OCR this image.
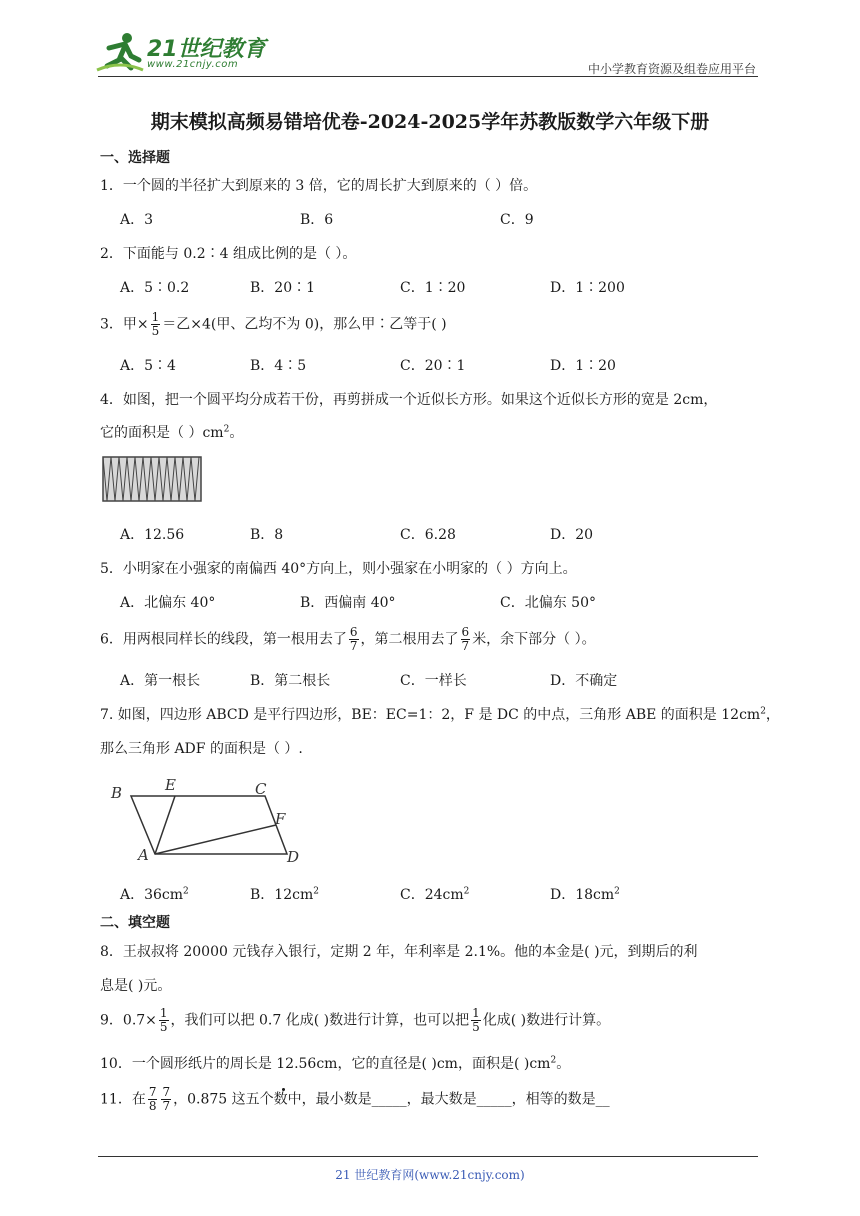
21世纪教育
www.21cnjy.com	中小学教育资源及组卷应用平台
期末模拟高频易错培优卷-2024-2025学年苏教版数学六年级下册
一、选择题
1．一个圆的半径扩大到原来的 3 倍，它的周长扩大到原来的（ ）倍。
A．3	B．6	C．9
2．下面能与 0.2∶4 组成比例的是（ ）。
A．5∶0.2	B．20∶1	C．1∶20	D．1∶200
3．甲× $\frac{1}{5}$ ＝乙×4(甲、乙均不为 0)，那么甲∶乙等于( )
A．5∶4	B．4∶5	C．20∶1	D．1∶20
4．如图，把一个圆平均分成若干份，再剪拼成一个近似长方形。如果这个近似长方形的宽是 2cm，
它的面积是（ ）$cm^2$。
A．12.56	B．8	C．6.28	D．20
5．小明家在小强家的南偏西 40°方向上，则小强家在小明家的（ ）方向上。
A．北偏东 40°	B．西偏南 40°	C．北偏东 50°
6．用两根同样长的线段，第一根用去了 $\frac{6}{7}$ ，第二根用去了 $\frac{6}{7}$ 米，余下部分（ ）。
A．第一根长	B．第二根长	C．一样长	D．不确定
7. 如图，四边形 ABCD 是平行四边形，BE：EC=1：2，F 是 DC 的中点，三角形 ABE 的面积是 $12cm^2$，
那么三角形 ADF 的面积是（ ）.
B	E	C
F
A	D
A．$36cm^2$	B．$12cm^2$	C．$24cm^2$	D．$18cm^2$
二、填空题
8．王叔叔将 20000 元钱存入银行，定期 2 年，年利率是 2.1%。他的本金是( )元，到期后的利
息是( )元。
9．$0.7\times \frac{1}{5}$ ，我们可以把 0.7 化成( )数进行计算，也可以把 $\frac{1}{5}$ 化成( )数进行计算。
10．一个圆形纸片的周长是 12.56cm，它的直径是( )cm，面积是( )$cm^2$。
11．在 $\frac{7}{8} \frac{7}{7}$ ，0.875 这五个数中，最小数是_____，最大数是_____，相等的数是__
21 世纪教育网(www.21cnjy.com)
